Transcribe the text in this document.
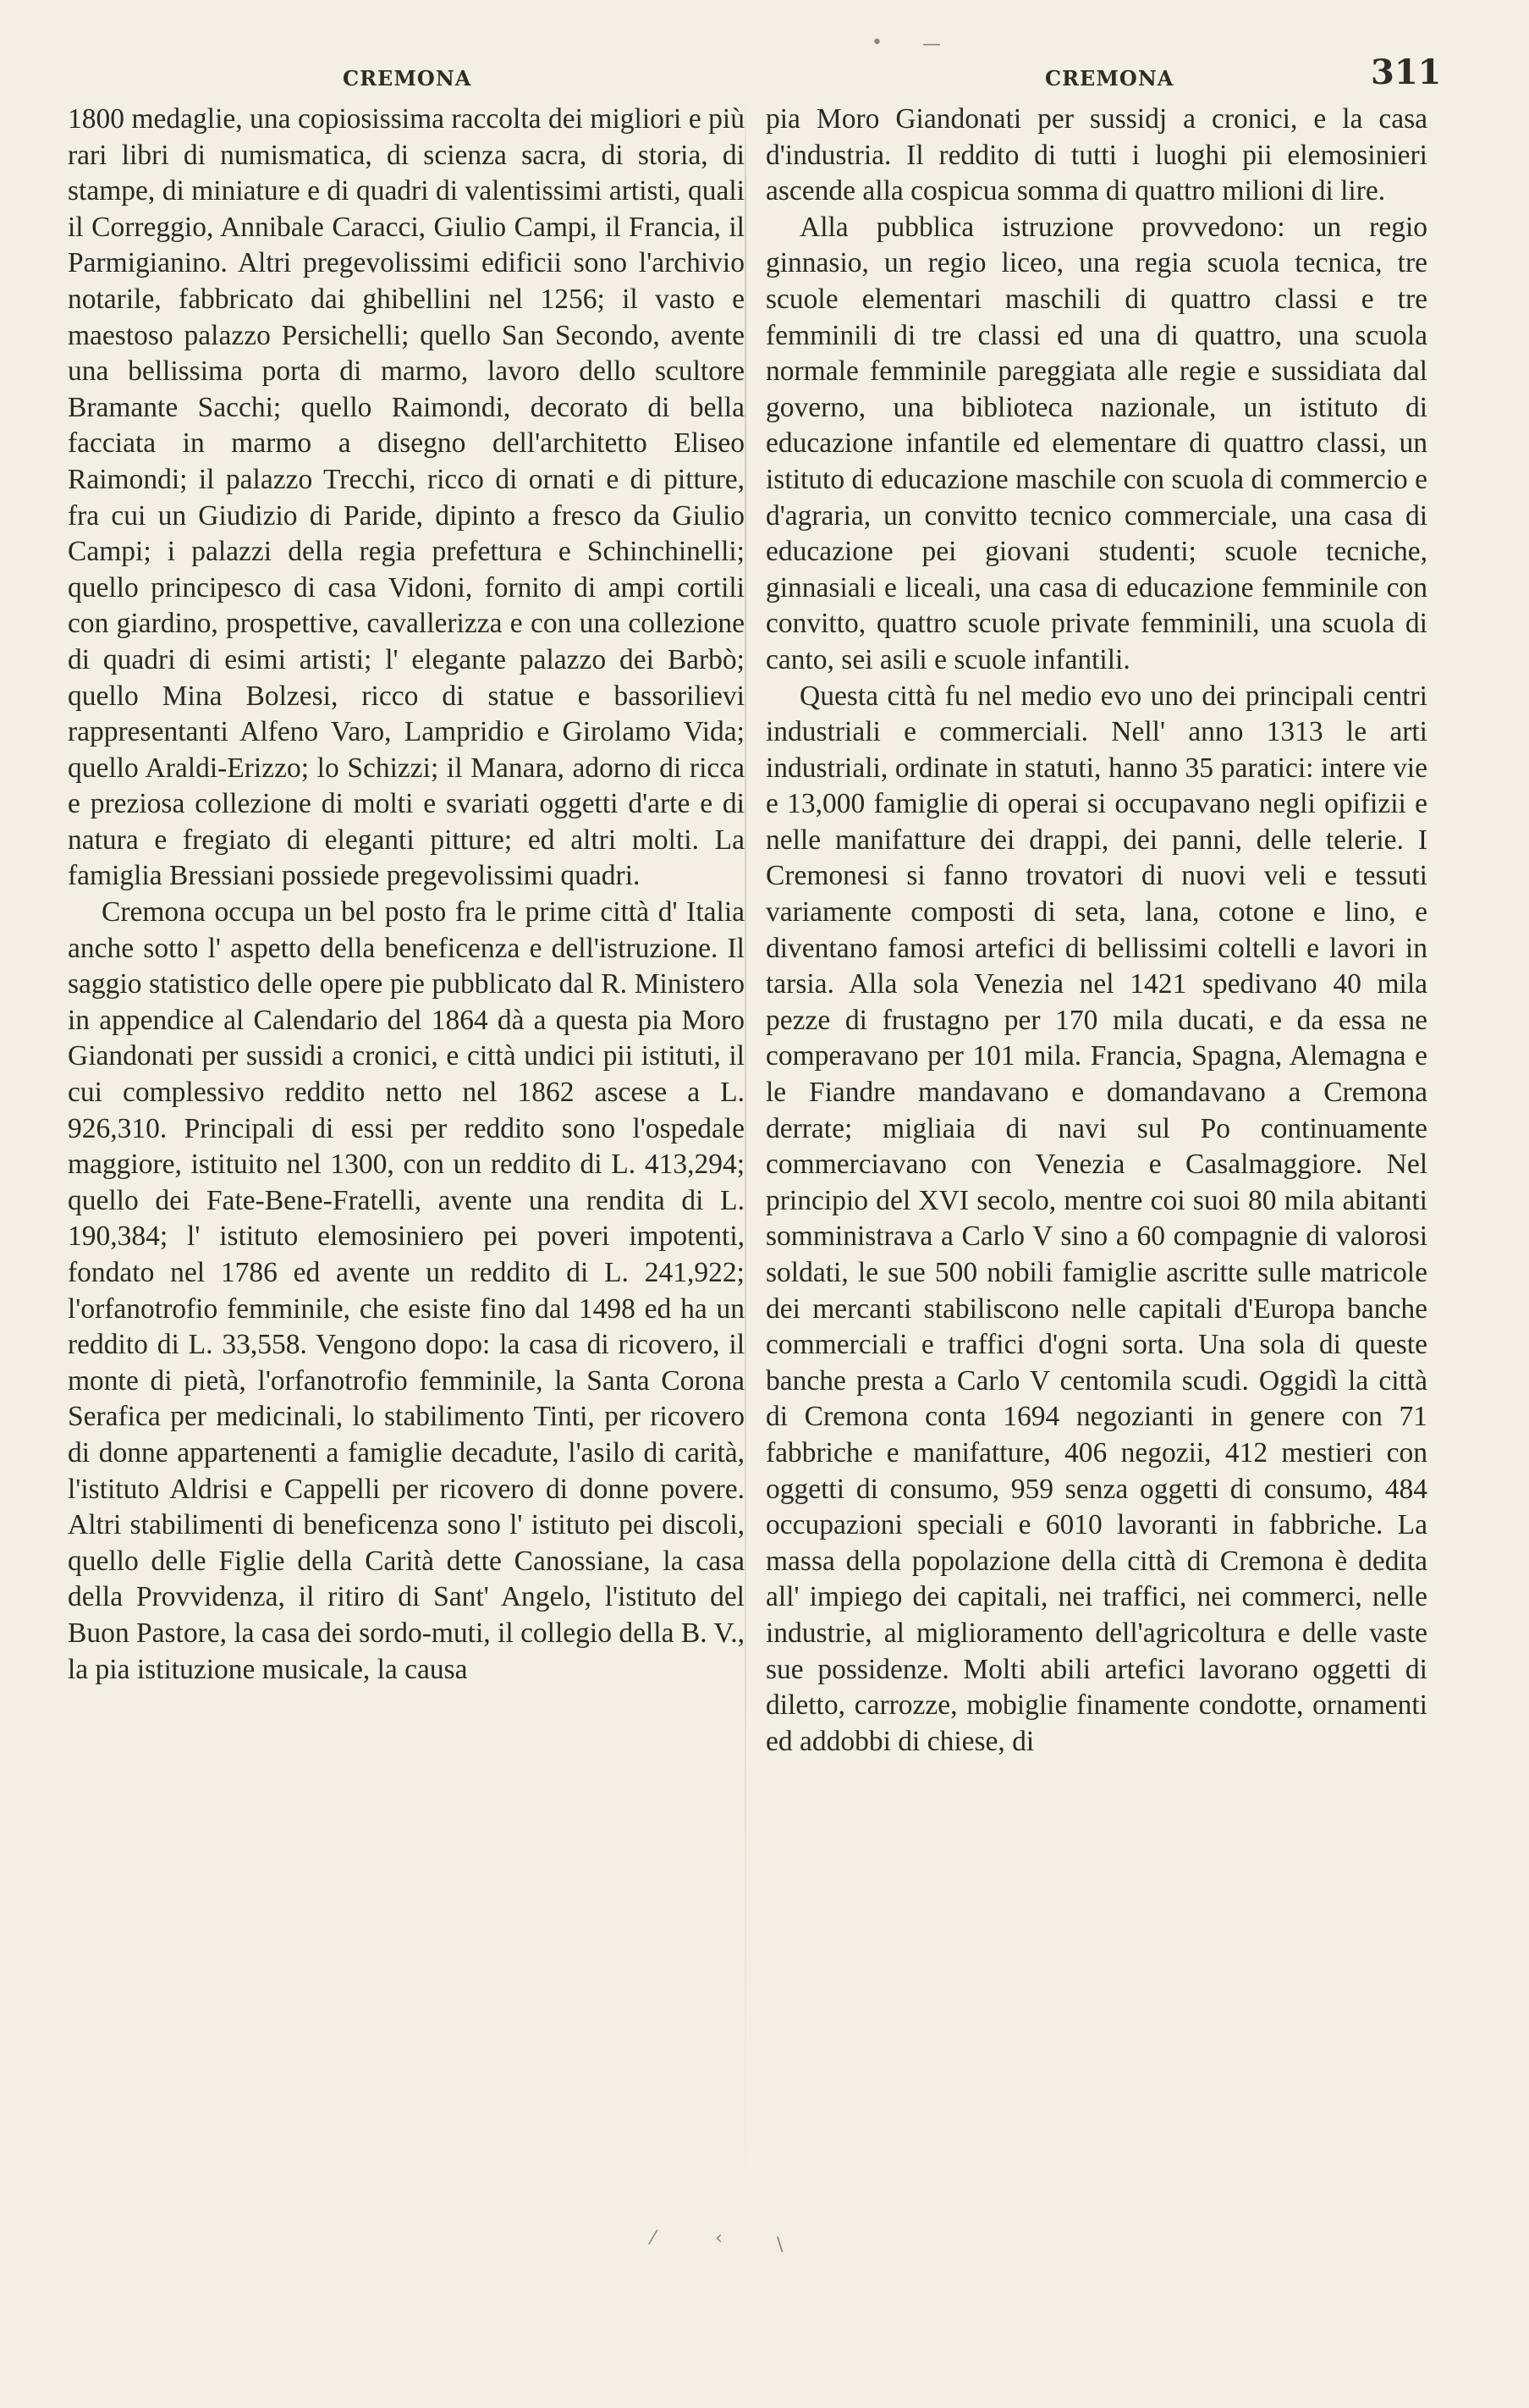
CREMONA	CREMONA	311
• —

1800 medaglie, una copiosissima raccolta dei migliori e più rari libri di numismatica, di scienza sacra, di storia, di stampe, di miniature e di quadri di valentissimi artisti, quali il Correggio, Annibale Caracci, Giulio Campi, il Francia, il Parmigianino. Altri pregevolissimi edificii sono l'archivio notarile, fabbricato dai ghibellini nel 1256; il vasto e maestoso palazzo Persichelli; quello San Secondo, avente una bellissima porta di marmo, lavoro dello scultore Bramante Sacchi; quello Raimondi, decorato di bella facciata in marmo a disegno dell'architetto Eliseo Raimondi; il palazzo Trecchi, ricco di ornati e di pitture, fra cui un Giudizio di Paride, dipinto a fresco da Giulio Campi; i palazzi della regia prefettura e Schinchinelli; quello principesco di casa Vidoni, fornito di ampi cortili con giardino, prospettive, cavallerizza e con una collezione di quadri di esimi artisti; l' elegante palazzo dei Barbò; quello Mina Bolzesi, ricco di statue e bassorilievi rappresentanti Alfeno Varo, Lampridio e Girolamo Vida; quello Araldi-Erizzo; lo Schizzi; il Manara, adorno di ricca e preziosa collezione di molti e svariati oggetti d'arte e di natura e fregiato di eleganti pitture; ed altri molti. La famiglia Bressiani possiede pregevolissimi quadri.

Cremona occupa un bel posto fra le prime città d' Italia anche sotto l' aspetto della beneficenza e dell'istruzione. Il saggio statistico delle opere pie pubblicato dal R. Ministero in appendice al Calendario del 1864 dà a questa pia Moro Giandonati per sussidi a cronici, e città undici pii istituti, il cui complessivo reddito netto nel 1862 ascese a L. 926,310. Principali di essi per reddito sono l'ospedale maggiore, istituito nel 1300, con un reddito di L. 413,294; quello dei Fate-Bene-Fratelli, avente una rendita di L. 190,384; l' istituto elemosiniero pei poveri impotenti, fondato nel 1786 ed avente un reddito di L. 241,922; l'orfanotrofio femminile, che esiste fino dal 1498 ed ha un reddito di L. 33,558. Vengono dopo: la casa di ricovero, il monte di pietà, l'orfanotrofio femminile, la Santa Corona Serafica per medicinali, lo stabilimento Tinti, per ricovero di donne appartenenti a famiglie decadute, l'asilo di carità, l'istituto Aldrisi e Cappelli per ricovero di donne povere. Altri stabilimenti di beneficenza sono l' istituto pei discoli, quello delle Figlie della Carità dette Canossiane, la casa della Provvidenza, il ritiro di Sant' Angelo, l'istituto del Buon Pastore, la casa dei sordo-muti, il collegio della B. V., la pia istituzione musicale, la causa

pia Moro Giandonati per sussidj a cronici, e la casa d'industria. Il reddito di tutti i luoghi pii elemosinieri ascende alla cospicua somma di quattro milioni di lire.

Alla pubblica istruzione provvedono: un regio ginnasio, un regio liceo, una regia scuola tecnica, tre scuole elementari maschili di quattro classi e tre femminili di tre classi ed una di quattro, una scuola normale femminile pareggiata alle regie e sussidiata dal governo, una biblioteca nazionale, un istituto di educazione infantile ed elementare di quattro classi, un istituto di educazione maschile con scuola di commercio e d'agraria, un convitto tecnico commerciale, una casa di educazione pei giovani studenti; scuole tecniche, ginnasiali e liceali, una casa di educazione femminile con convitto, quattro scuole private femminili, una scuola di canto, sei asili e scuole infantili.

Questa città fu nel medio evo uno dei principali centri industriali e commerciali. Nell' anno 1313 le arti industriali, ordinate in statuti, hanno 35 paratici: intere vie e 13,000 famiglie di operai si occupavano negli opifizii e nelle manifatture dei drappi, dei panni, delle telerie. I Cremonesi si fanno trovatori di nuovi veli e tessuti variamente composti di seta, lana, cotone e lino, e diventano famosi artefici di bellissimi coltelli e lavori in tarsia. Alla sola Venezia nel 1421 spedivano 40 mila pezze di frustagno per 170 mila ducati, e da essa ne comperavano per 101 mila. Francia, Spagna, Alemagna e le Fiandre mandavano e domandavano a Cremona derrate; migliaia di navi sul Po continuamente commerciavano con Venezia e Casalmaggiore. Nel principio del XVI secolo, mentre coi suoi 80 mila abitanti somministrava a Carlo V sino a 60 compagnie di valorosi soldati, le sue 500 nobili famiglie ascritte sulle matricole dei mercanti stabiliscono nelle capitali d'Europa banche commerciali e traffici d'ogni sorta. Una sola di queste banche presta a Carlo V centomila scudi. Oggidì la città di Cremona conta 1694 negozianti in genere con 71 fabbriche e manifatture, 406 negozii, 412 mestieri con oggetti di consumo, 959 senza oggetti di consumo, 484 occupazioni speciali e 6010 lavoranti in fabbriche. La massa della popolazione della città di Cremona è dedita all' impiego dei capitali, nei traffici, nei commerci, nelle industrie, al miglioramento dell'agricoltura e delle vaste sue possidenze. Molti abili artefici lavorano oggetti di diletto, carrozze, mobiglie finamente condotte, ornamenti ed addobbi di chiese, di

⁄	‹	\
